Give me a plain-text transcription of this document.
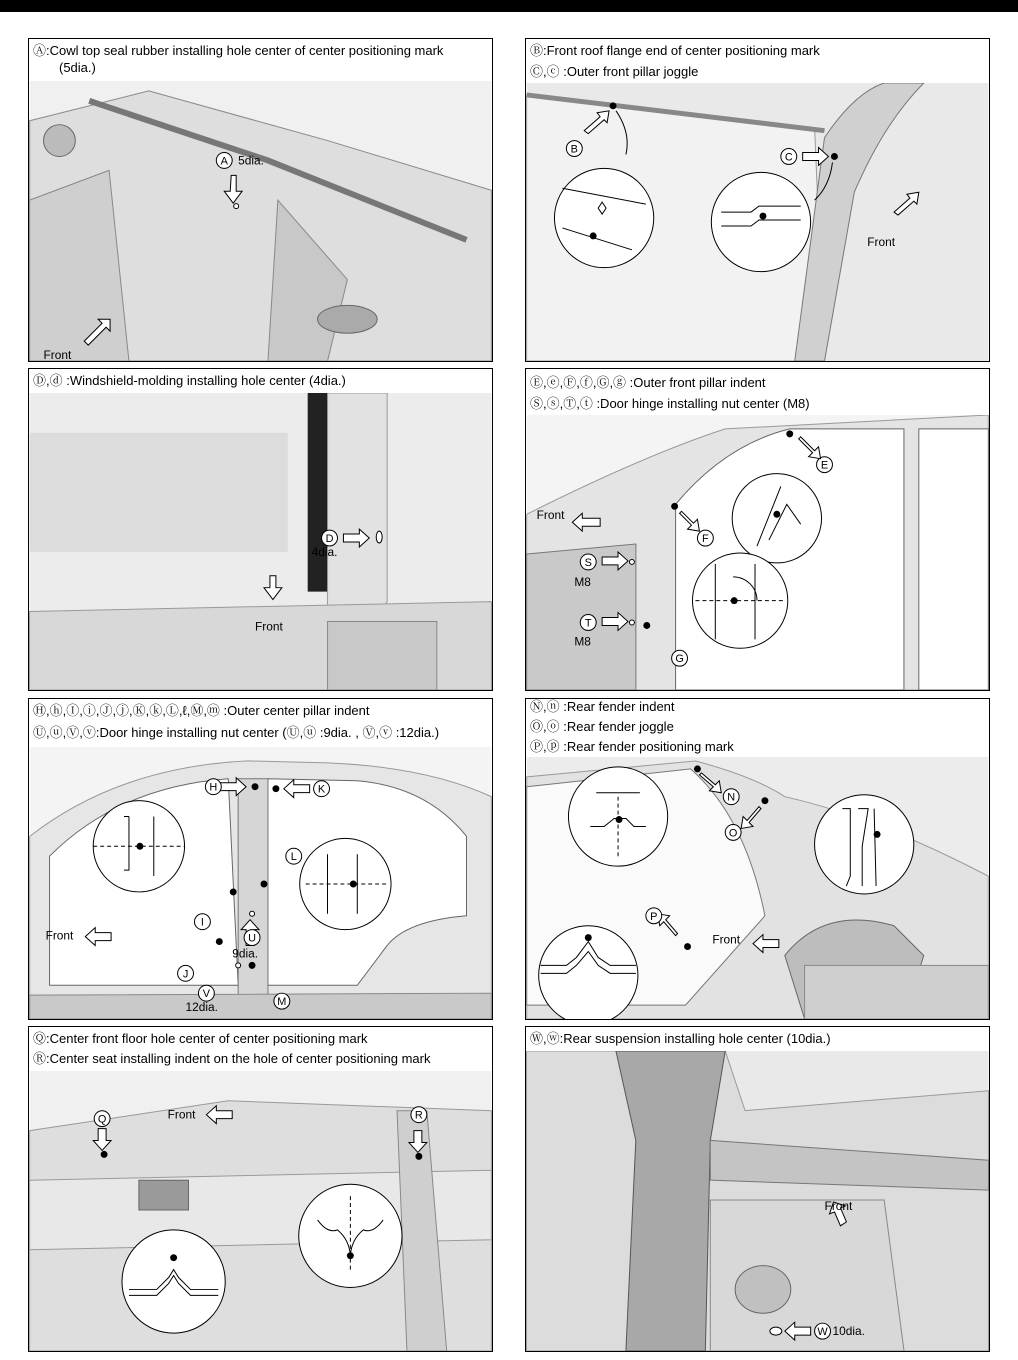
Ⓐ:Cowl top seal rubber installing hole center of center positioning mark
(5dia.)
A 5dia.
Front
Ⓑ:Front roof flange end of center positioning mark
Ⓒ,ⓒ :Outer front pillar joggle
B
C
Front
Ⓓ,ⓓ :Windshield-molding installing hole center (4dia.)
D
4dia.
Front
Ⓔ,ⓔ,Ⓕ,ⓕ,Ⓖ,ⓖ :Outer front pillar indent
Ⓢ,ⓢ,Ⓣ,ⓣ :Door hinge installing nut center (M8)
E
F
G
S
M8
T
M8
Front
Ⓗ,ⓗ,Ⓘ,ⓘ,Ⓙ,ⓙ,Ⓚ,ⓚ,Ⓛ,ℓ,Ⓜ,ⓜ :Outer center pillar indent
Ⓤ,ⓤ,Ⓥ,ⓥ:Door hinge installing nut center (Ⓤ,ⓤ :9dia. , Ⓥ,ⓥ :12dia.)
H	K
L
I
J
U
9dia.
V
12dia.	M
Front
Ⓝ,ⓝ :Rear fender indent
Ⓞ,ⓞ :Rear fender joggle
Ⓟ,ⓟ :Rear fender positioning mark
N
O
P
Front
Ⓠ:Center front floor hole center of center positioning mark
Ⓡ:Center seat installing indent on the hole of center positioning mark
Q	R
Front
Ⓦ,ⓦ:Rear suspension installing hole center (10dia.)
W 10dia.
Front
